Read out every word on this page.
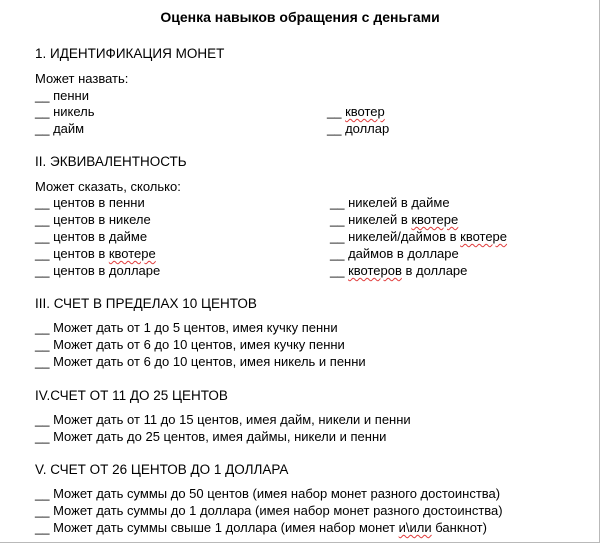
Оценка навыков обращения с деньгами
1. ИДЕНТИФИКАЦИЯ МОНЕТ
Может назвать:
__ пенни
__ никель
__ дайм
__ квотер
__ доллар
II. ЭКВИВАЛЕНТНОСТЬ
Может сказать, сколько:
__ центов в пенни
__ центов в никеле
__ центов в дайме
__ центов в квотере
__ центов в долларе
__ никелей в дайме
__ никелей в квотере
__ никелей/даймов в квотере
__ даймов в долларе
__ квотеров в долларе
III. СЧЕТ В ПРЕДЕЛАХ 10 ЦЕНТОВ
__ Может дать от 1 до 5 центов, имея кучку пенни
__ Может дать от 6 до 10 центов, имея кучку пенни
__ Может дать от 6 до 10 центов, имея никель и пенни
IV.СЧЕТ ОТ 11 ДО 25 ЦЕНТОВ
__ Может дать от 11 до 15 центов, имея дайм, никели и пенни
__ Может дать до 25 центов, имея даймы, никели и пенни
V. СЧЕТ ОТ 26 ЦЕНТОВ ДО 1 ДОЛЛАРА
__ Может дать суммы до 50 центов (имея набор монет разного достоинства)
__ Может дать суммы до 1 доллара (имея набор монет разного достоинства)
__ Может дать суммы свыше 1 доллара (имея набор монет и\или банкнот)
